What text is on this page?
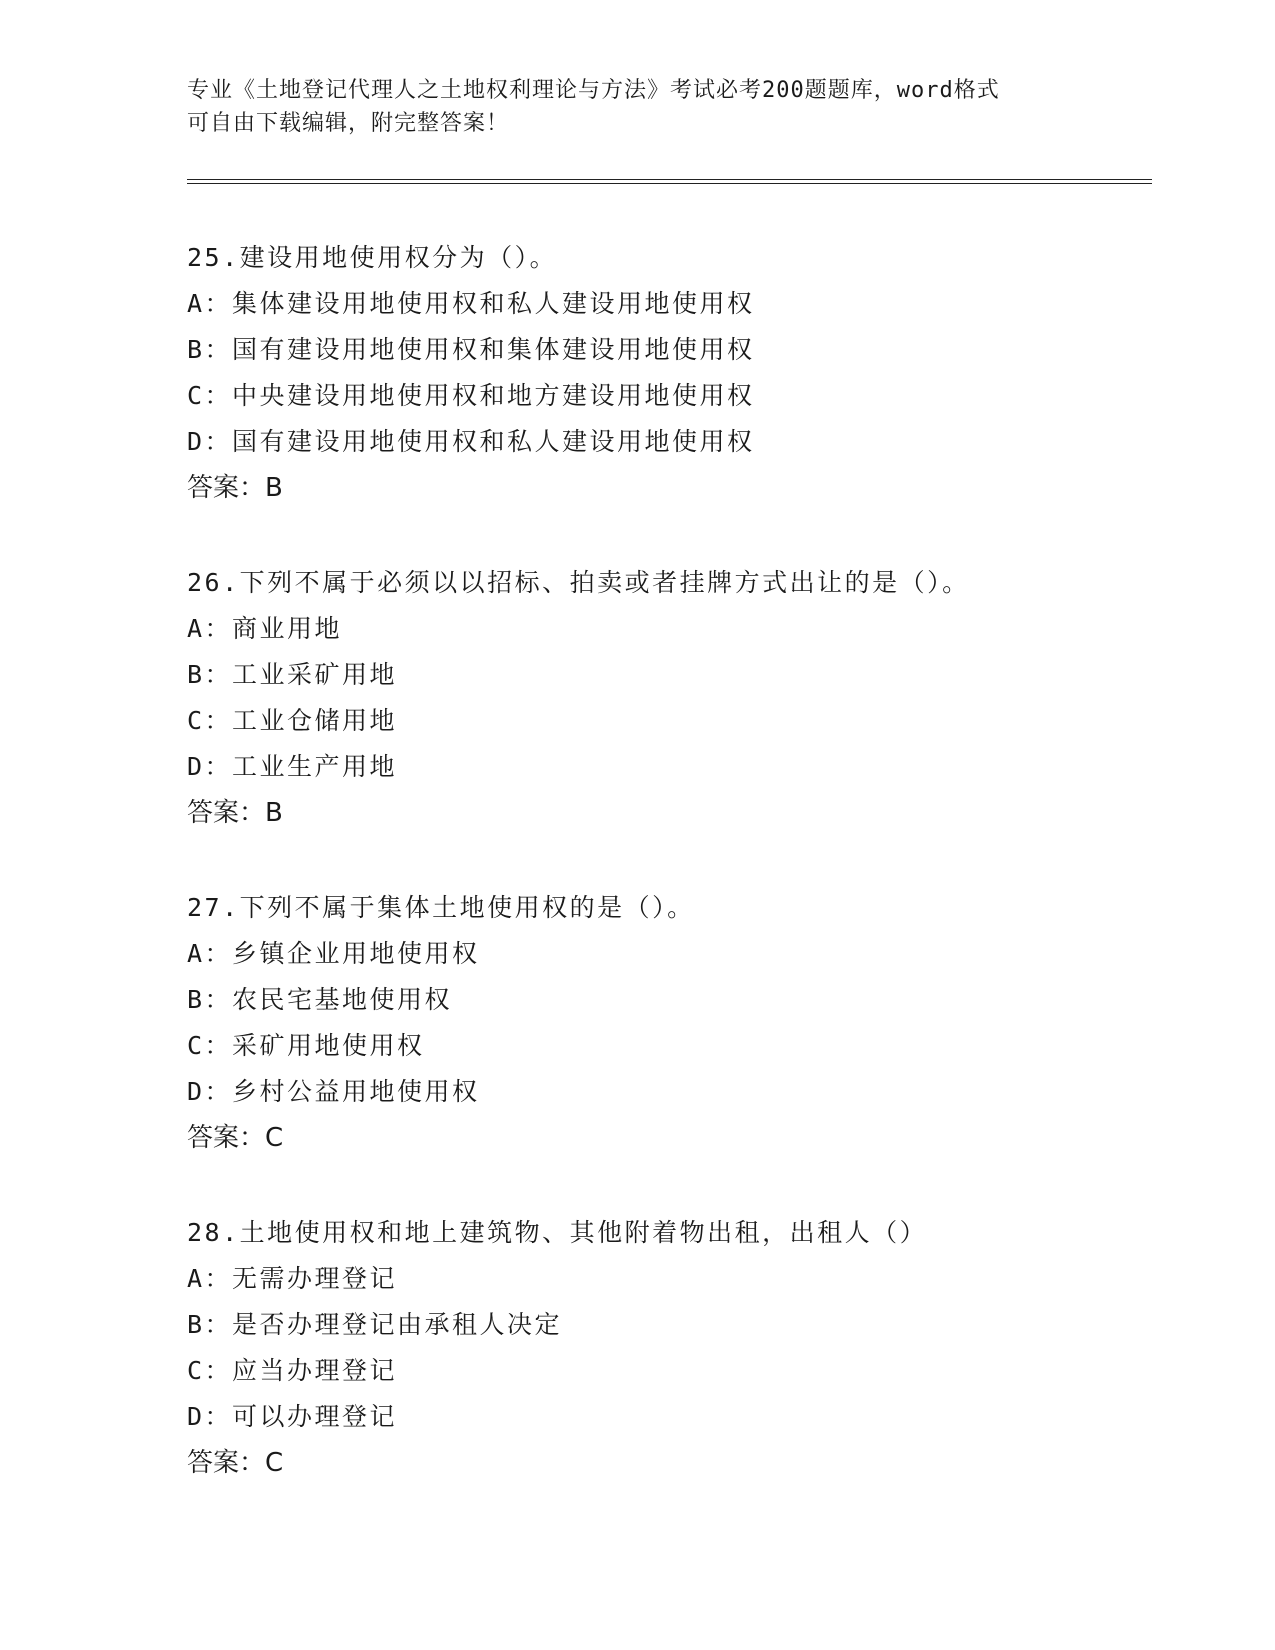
专业《土地登记代理人之土地权利理论与方法》考试必考200题题库，word格式
可自由下载编辑，附完整答案！
25.建设用地使用权分为（）。
A：集体建设用地使用权和私人建设用地使用权
B：国有建设用地使用权和集体建设用地使用权
C：中央建设用地使用权和地方建设用地使用权
D：国有建设用地使用权和私人建设用地使用权
答案：B
26.下列不属于必须以以招标、拍卖或者挂牌方式出让的是（）。
A：商业用地
B：工业采矿用地
C：工业仓储用地
D：工业生产用地
答案：B
27.下列不属于集体土地使用权的是（）。
A：乡镇企业用地使用权
B：农民宅基地使用权
C：采矿用地使用权
D：乡村公益用地使用权
答案：C
28.土地使用权和地上建筑物、其他附着物出租，出租人（）
A：无需办理登记
B：是否办理登记由承租人决定
C：应当办理登记
D：可以办理登记
答案：C
